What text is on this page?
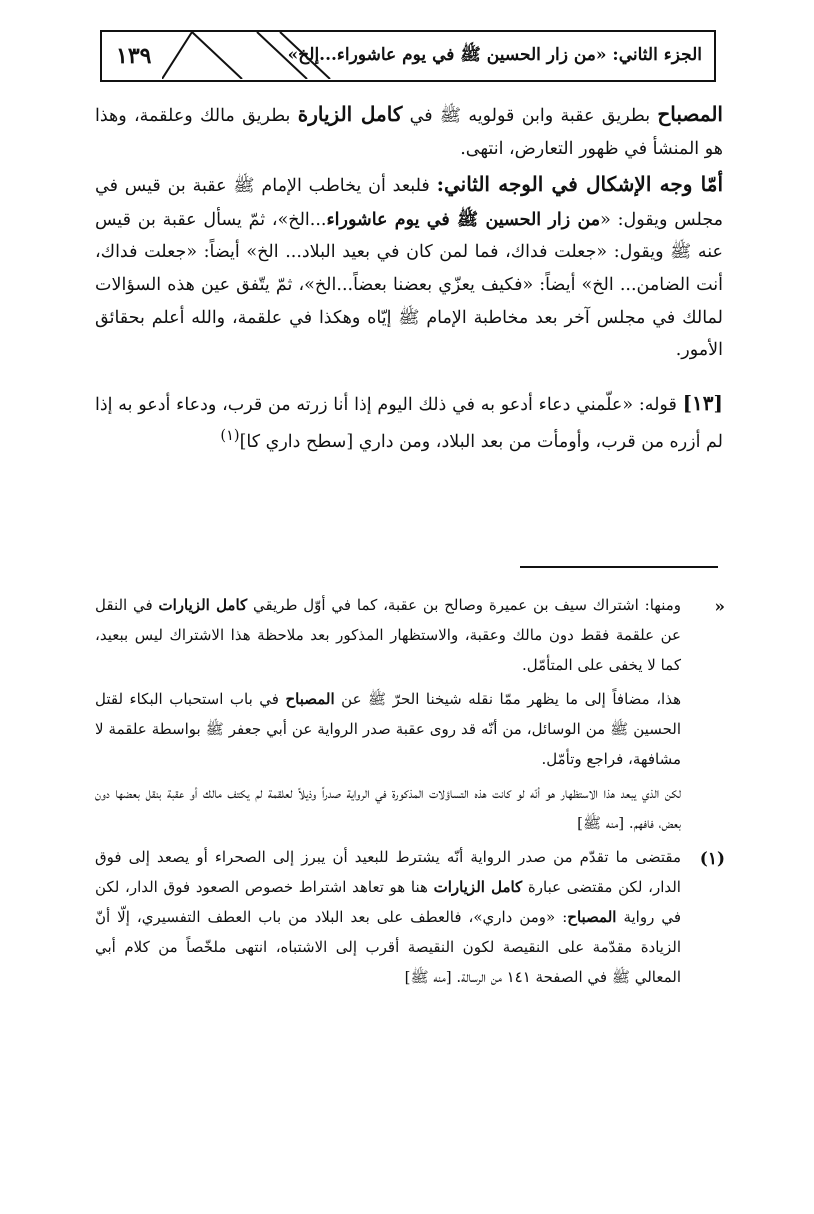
الجزء الثاني: «من زار الحسين ﷺ في يوم عاشوراء...إلخ»
١٣٩

المصباح بطريق عقبة وابن قولويه ﷺ في كامل الزيارة بطريق مالك وعلقمة، وهذا هو المنشأ في ظهور التعارض، انتهى.

أمّا وجه الإشكال في الوجه الثاني: فلبعد أن يخاطب الإمام ﷺ عقبة بن قيس في مجلس ويقول: «من زار الحسين ﷺ في يوم عاشوراء...الخ»، ثمّ يسأل عقبة بن قيس عنه ﷺ ويقول: «جعلت فداك، فما لمن كان في بعيد البلاد... الخ» أيضاً: «جعلت فداك، أنت الضامن... الخ» أيضاً: «فكيف يعزّي بعضنا بعضاً...الخ»، ثمّ يتّفق عين هذه السؤالات لمالك في مجلس آخر بعد مخاطبة الإمام ﷺ إيّاه وهكذا في علقمة، والله أعلم بحقائق الأمور.

[١٣] قوله: «علّمني دعاء أدعو به في ذلك اليوم إذا أنا زرته من قرب، ودعاء أدعو به إذا لم أزره من قرب، وأومأت من بعد البلاد، ومن داري [سطح داري كا]$^{(١)}$

«

ومنها: اشتراك سيف بن عميرة وصالح بن عقبة، كما في أوّل طريقي كامل الزيارات في النقل عن علقمة فقط دون مالك وعقبة، والاستظهار المذكور بعد ملاحظة هذا الاشتراك ليس ببعيد، كما لا يخفى على المتأمّل.

هذا، مضافاً إلى ما يظهر ممّا نقله شيخنا الحرّ ﷺ عن المصباح في باب استحباب البكاء لقتل الحسين ﷺ من الوسائل، من أنّه قد روى عقبة صدر الرواية عن أبي جعفر ﷺ بواسطة علقمة لا مشافهة، فراجع وتأمّل.

لكن الذي يبعد هذا الاستظهار هو أنّه لو كانت هذه التساؤلات المذكورة في الرواية صدراً وذيلاً لعلقمة لم يكتف مالك أو عقبة بنقل بعضها دون بعض، فافهم. [منه ﷺ]

(١)

مقتضى ما تقدّم من صدر الرواية أنّه يشترط للبعيد أن يبرز إلى الصحراء أو يصعد إلى فوق الدار، لكن مقتضى عبارة كامل الزيارات هنا هو تعاهد اشتراط خصوص الصعود فوق الدار، لكن في رواية المصباح: «ومن داري»، فالعطف على بعد البلاد من باب العطف التفسيري، إلّا أنّ الزيادة مقدّمة على النقيصة لكون النقيصة أقرب إلى الاشتباه، انتهى ملخّصاً من كلام أبي المعالي ﷺ في الصفحة ١٤١ من الرسالة. [منه ﷺ]
